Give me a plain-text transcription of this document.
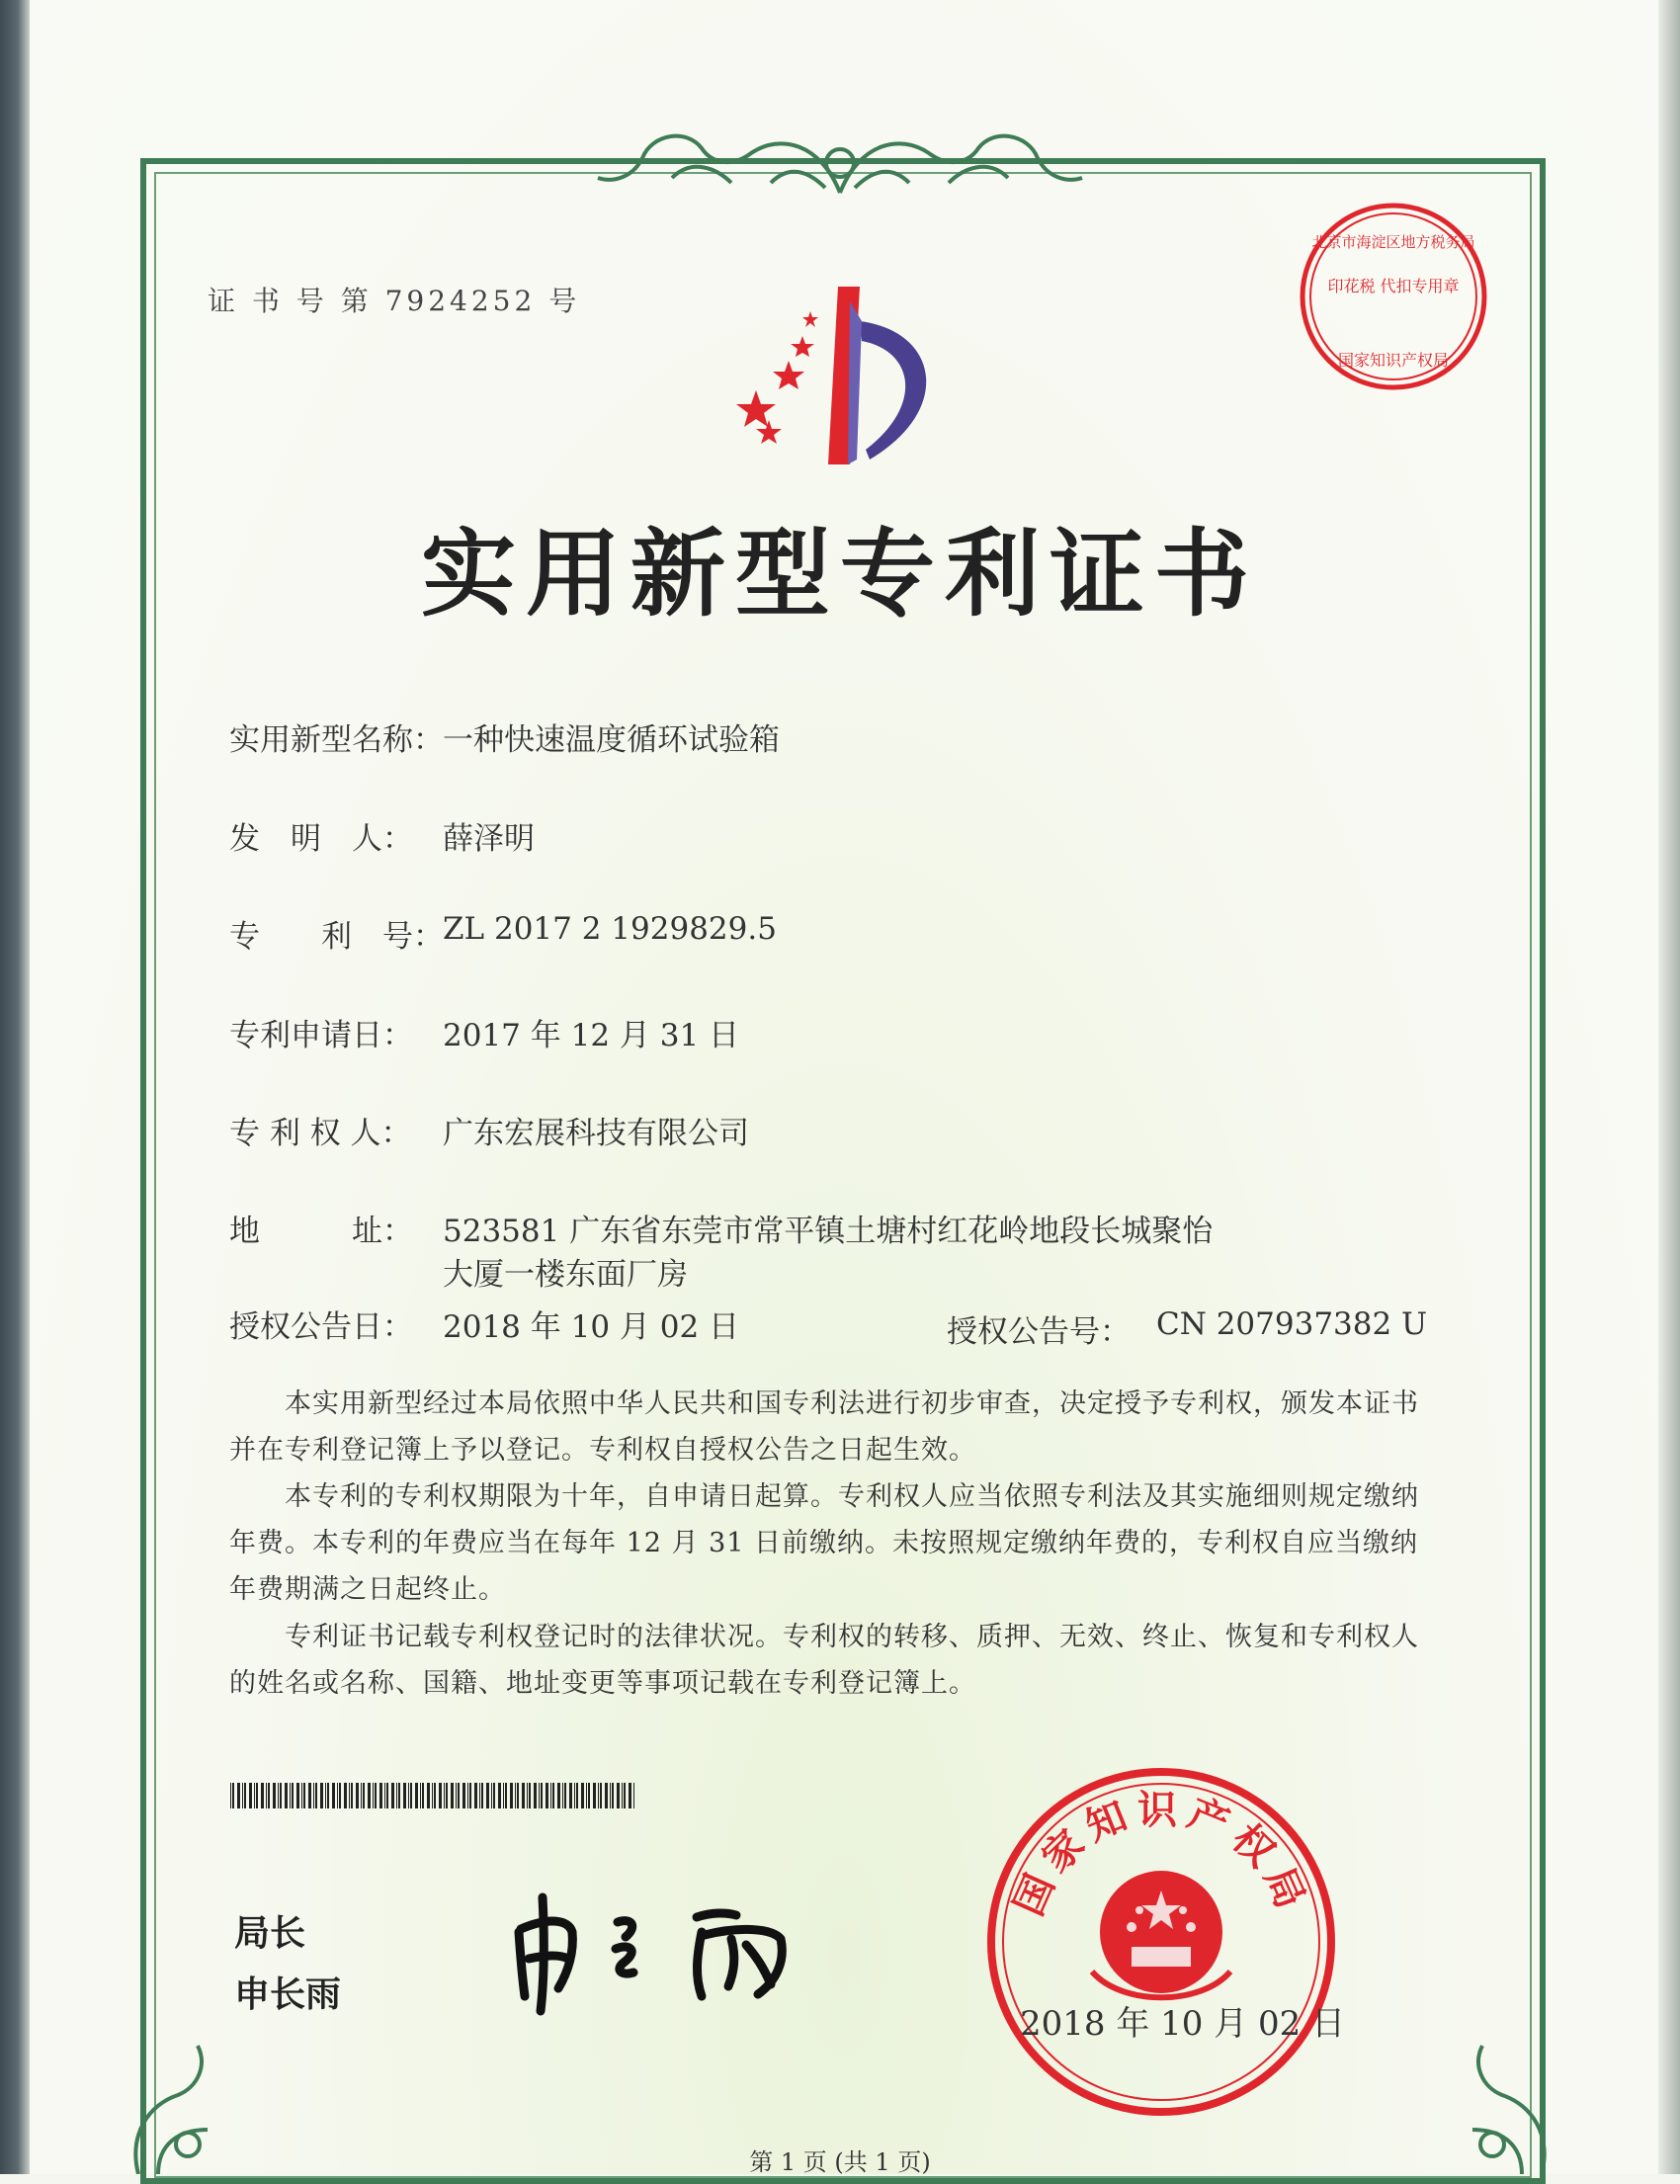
证 书 号 第 7924252 号
实用新型专利证书
北京市海淀区地方税务局
印花税 代扣专用章
国家知识产权局
实用新型名称： 一种快速温度循环试验箱
发　明　人： 薛泽明
专　　利　号： ZL 2017 2 1929829.5
专利申请日： 2017 年 12 月 31 日
专 利 权 人： 广东宏展科技有限公司
地　　　址： 523581 广东省东莞市常平镇土塘村红花岭地段长城聚怡
大厦一楼东面厂房
授权公告日： 2018 年 10 月 02 日	授权公告号： CN 207937382 U
本实用新型经过本局依照中华人民共和国专利法进行初步审查，决定授予专利权，颁发本证书并在专利登记簿上予以登记。专利权自授权公告之日起生效。
本专利的专利权期限为十年，自申请日起算。专利权人应当依照专利法及其实施细则规定缴纳年费。本专利的年费应当在每年 12 月 31 日前缴纳。未按照规定缴纳年费的，专利权自应当缴纳年费期满之日起终止。
专利证书记载专利权登记时的法律状况。专利权的转移、质押、无效、终止、恢复和专利权人的姓名或名称、国籍、地址变更等事项记载在专利登记簿上。
局长
申长雨
国家知识产权局
2018 年 10 月 02 日
第 1 页 (共 1 页)
